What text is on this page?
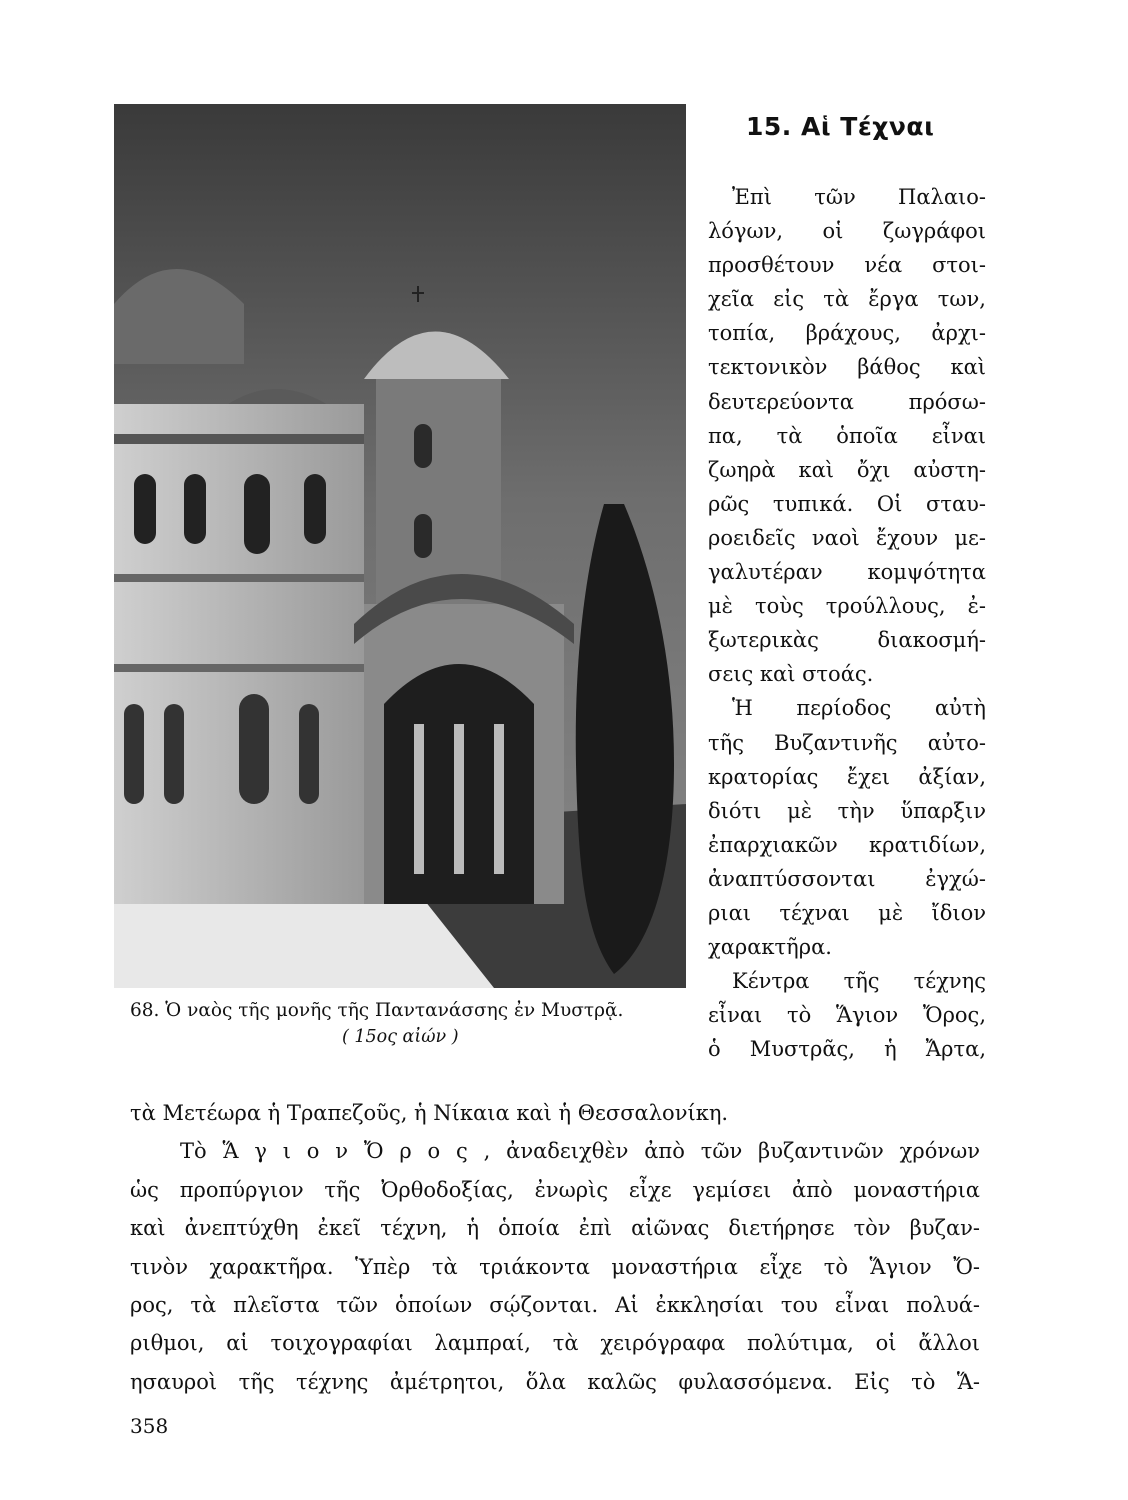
15. Αἱ Τέχναι
Ἐπὶ τῶν Παλαιο-
λόγων, οἱ ζωγράφοι
προσθέτουν νέα στοι-
χεῖα εἰς τὰ ἔργα των,
τοπία, βράχους, ἀρχι-
τεκτονικὸν βάθος καὶ
δευτερεύοντα πρόσω-
πα, τὰ ὁποῖα εἶναι
ζωηρὰ καὶ ὄχι αὐστη-
ρῶς τυπικά. Οἱ σταυ-
ροειδεῖς ναοὶ ἔχουν με-
γαλυτέραν κομψότητα
μὲ τοὺς τρούλλους, ἐ-
ξωτερικὰς διακοσμή-
σεις καὶ στοάς.
Ἡ περίοδος αὐτὴ
τῆς Βυζαντινῆς αὐτο-
κρατορίας ἔχει ἀξίαν,
διότι μὲ τὴν ὕπαρξιν
ἐπαρχιακῶν κρατιδίων,
ἀναπτύσσονται ἐγχώ-
ριαι τέχναι μὲ ἴδιον
χαρακτῆρα.
Κέντρα τῆς τέχνης
εἶναι τὸ Ἅγιον Ὄρος,
ὁ Μυστρᾶς, ἡ Ἄρτα,
68. Ὁ ναὸς τῆς μονῆς τῆς Παντανάσσης ἐν Μυστρᾷ.
( 15ος αἰών )
τὰ Μετέωρα ἡ Τραπεζοῦς, ἡ Νίκαια καὶ ἡ Θεσσαλονίκη.
Τὸ Ἅ γ ι ο ν Ὄ ρ ο ς , ἀναδειχθὲν ἀπὸ τῶν βυζαντινῶν χρόνων
ὡς προπύργιον τῆς Ὀρθοδοξίας, ἐνωρὶς εἶχε γεμίσει ἀπὸ μοναστήρια
καὶ ἀνεπτύχθη ἐκεῖ τέχνη, ἡ ὁποία ἐπὶ αἰῶνας διετήρησε τὸν βυζαν-
τινὸν χαρακτῆρα. Ὑπὲρ τὰ τριάκοντα μοναστήρια εἶχε τὸ Ἅγιον Ὄ-
ρος, τὰ πλεῖστα τῶν ὁποίων σῴζονται. Αἱ ἐκκλησίαι του εἶναι πολυά-
ριθμοι, αἱ τοιχογραφίαι λαμπραί, τὰ χειρόγραφα πολύτιμα, οἱ ἄλλοι
ησαυροὶ τῆς τέχνης ἀμέτρητοι, ὅλα καλῶς φυλασσόμενα. Εἰς τὸ Ἅ-
358
